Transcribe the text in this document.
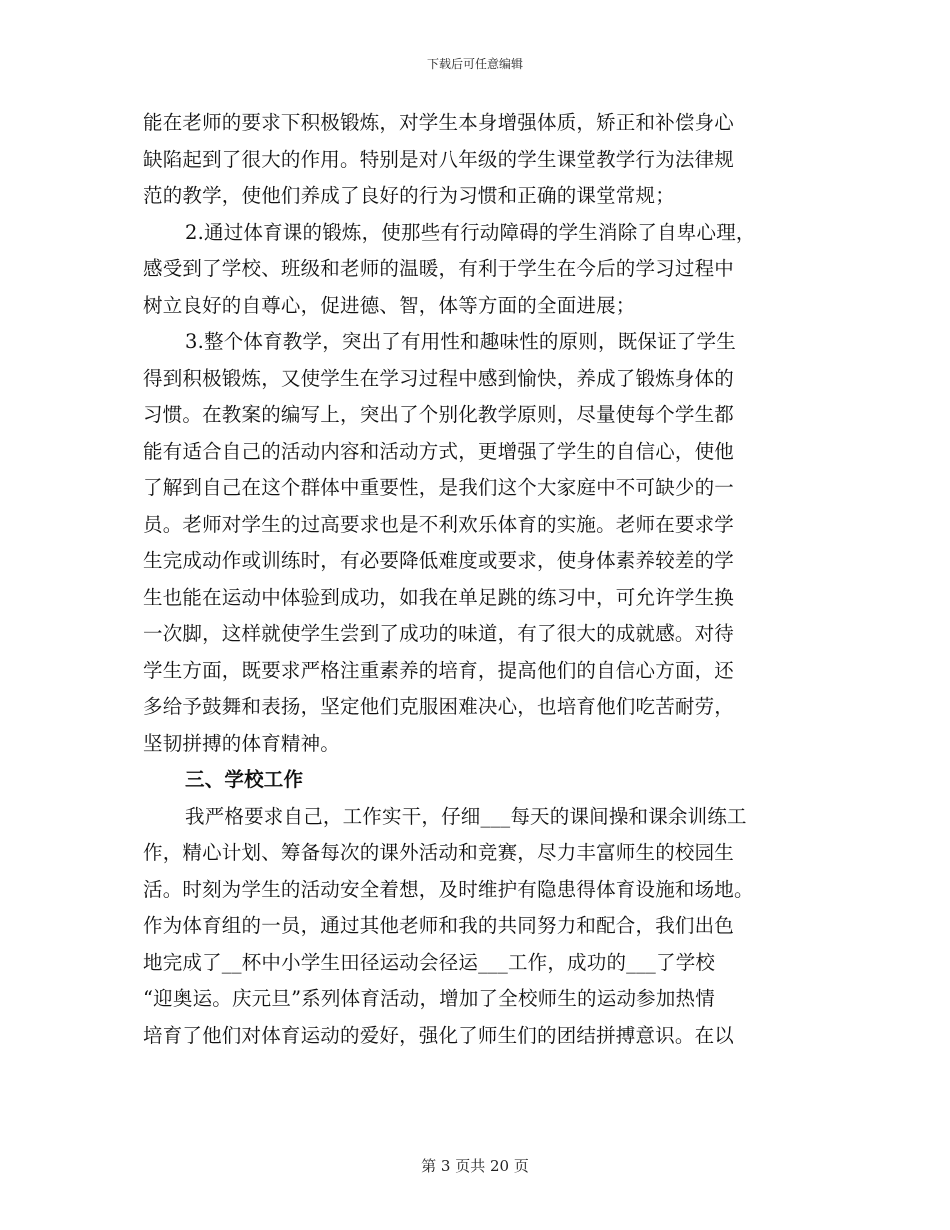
下载后可任意编辑
能在老师的要求下积极锻炼，对学生本身增强体质，矫正和补偿身心
缺陷起到了很大的作用。特别是对八年级的学生课堂教学行为法律规
范的教学，使他们养成了良好的行为习惯和正确的课堂常规；
2.通过体育课的锻炼，使那些有行动障碍的学生消除了自卑心理，
感受到了学校、班级和老师的温暖，有利于学生在今后的学习过程中
树立良好的自尊心，促进德、智，体等方面的全面进展；
3.整个体育教学，突出了有用性和趣味性的原则，既保证了学生
得到积极锻炼，又使学生在学习过程中感到愉快，养成了锻炼身体的
习惯。在教案的编写上，突出了个别化教学原则，尽量使每个学生都
能有适合自己的活动内容和活动方式，更增强了学生的自信心，使他
了解到自己在这个群体中重要性，是我们这个大家庭中不可缺少的一
员。老师对学生的过高要求也是不利欢乐体育的实施。老师在要求学
生完成动作或训练时，有必要降低难度或要求，使身体素养较差的学
生也能在运动中体验到成功，如我在单足跳的练习中，可允许学生换
一次脚，这样就使学生尝到了成功的味道，有了很大的成就感。对待
学生方面，既要求严格注重素养的培育，提高他们的自信心方面，还
多给予鼓舞和表扬，坚定他们克服困难决心，也培育他们吃苦耐劳，
坚韧拼搏的体育精神。
三、学校工作
我严格要求自己，工作实干，仔细___每天的课间操和课余训练工
作，精心计划、筹备每次的课外活动和竞赛，尽力丰富师生的校园生
活。时刻为学生的活动安全着想，及时维护有隐患得体育设施和场地。
作为体育组的一员，通过其他老师和我的共同努力和配合，我们出色
地完成了__杯中小学生田径运动会径运___工作，成功的___了学校
“迎奥运。庆元旦”系列体育活动，增加了全校师生的运动参加热情
培育了他们对体育运动的爱好，强化了师生们的团结拼搏意识。在以
第 3 页共 20 页
